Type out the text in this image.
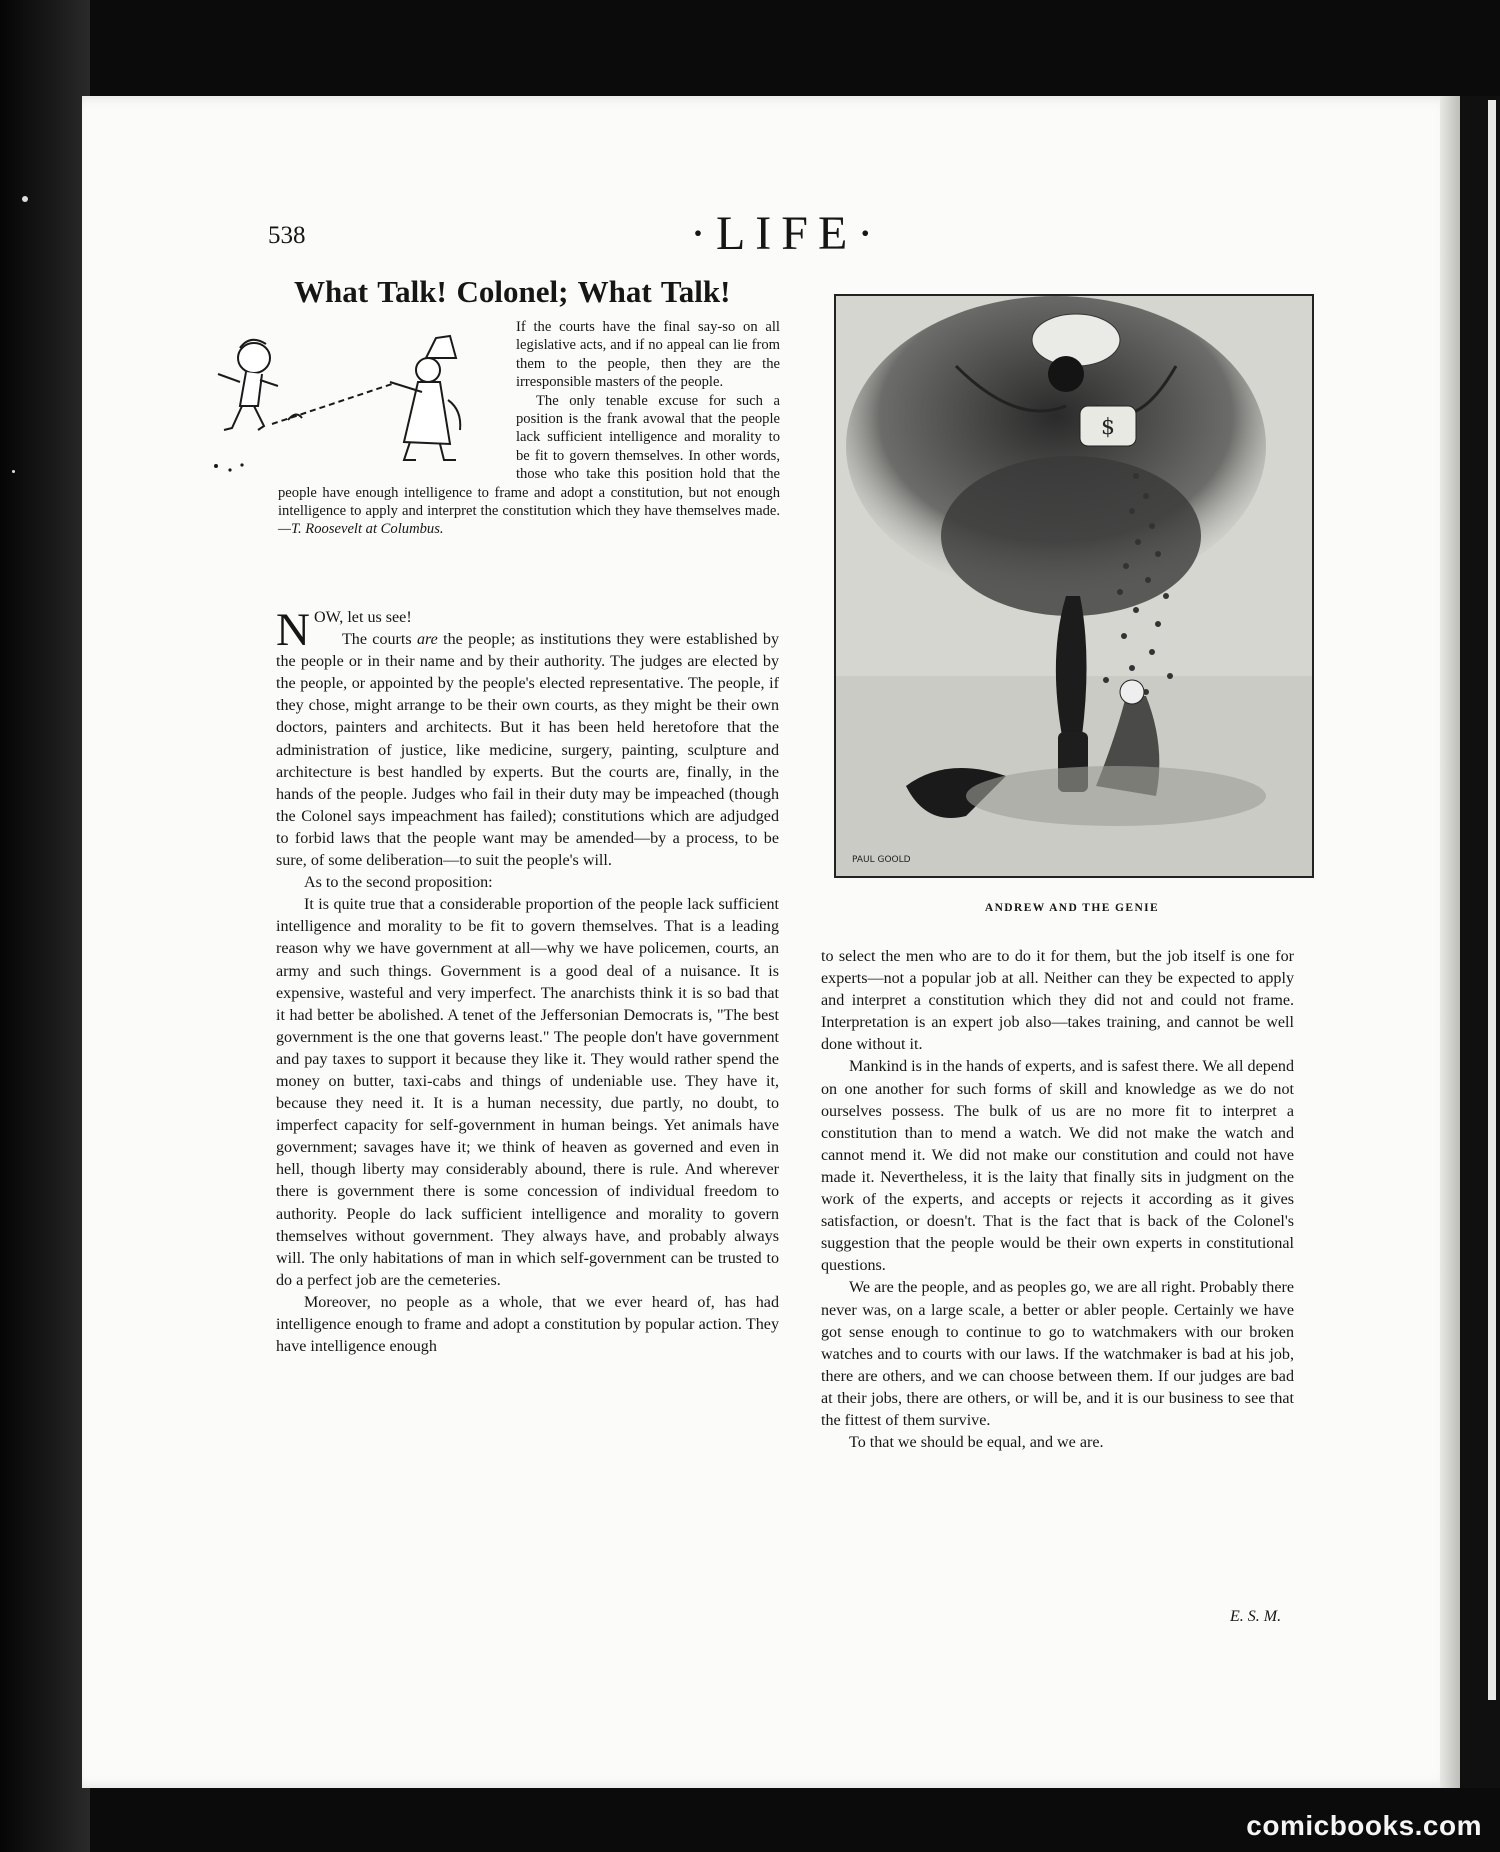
538	·LIFE·
What Talk! Colonel; What Talk!

If the courts have the final say-so on all legislative acts, and if no appeal can lie from them to the people, then they are the irresponsible masters of the people.

The only tenable excuse for such a position is the frank avowal that the people lack sufficient intelligence and morality to be fit to govern themselves. In other words, those who take this position hold that the people have enough intelligence to frame and adopt a constitution, but not enough intelligence to apply and interpret the constitution which they have themselves made.—T. Roosevelt at Columbus.

NOW, let us see!

The courts are the people; as institutions they were established by the people or in their name and by their authority. The judges are elected by the people, or appointed by the people's elected representative. The people, if they chose, might arrange to be their own courts, as they might be their own doctors, painters and architects. But it has been held heretofore that the administration of justice, like medicine, surgery, painting, sculpture and architecture is best handled by experts. But the courts are, finally, in the hands of the people. Judges who fail in their duty may be impeached (though the Colonel says impeachment has failed); constitutions which are adjudged to forbid laws that the people want may be amended—by a process, to be sure, of some deliberation—to suit the people's will.

As to the second proposition:

It is quite true that a considerable proportion of the people lack sufficient intelligence and morality to be fit to govern themselves. That is a leading reason why we have government at all—why we have policemen, courts, an army and such things. Government is a good deal of a nuisance. It is expensive, wasteful and very imperfect. The anarchists think it is so bad that it had better be abolished. A tenet of the Jeffersonian Democrats is, "The best government is the one that governs least." The people don't have government and pay taxes to support it because they like it. They would rather spend the money on butter, taxi-cabs and things of undeniable use. They have it, because they need it. It is a human necessity, due partly, no doubt, to imperfect capacity for self-government in human beings. Yet animals have government; savages have it; we think of heaven as governed and even in hell, though liberty may considerably abound, there is rule. And wherever there is government there is some concession of individual freedom to authority. People do lack sufficient intelligence and morality to govern themselves without government. They always have, and probably always will. The only habitations of man in which self-government can be trusted to do a perfect job are the cemeteries.

Moreover, no people as a whole, that we ever heard of, has had intelligence enough to frame and adopt a constitution by popular action. They have intelligence enough

$
PAUL GOOLD
ANDREW AND THE GENIE

to select the men who are to do it for them, but the job itself is one for experts—not a popular job at all. Neither can they be expected to apply and interpret a constitution which they did not and could not frame. Interpretation is an expert job also—takes training, and cannot be well done without it.

Mankind is in the hands of experts, and is safest there. We all depend on one another for such forms of skill and knowledge as we do not ourselves possess. The bulk of us are no more fit to interpret a constitution than to mend a watch. We did not make the watch and cannot mend it. We did not make our constitution and could not have made it. Nevertheless, it is the laity that finally sits in judgment on the work of the experts, and accepts or rejects it according as it gives satisfaction, or doesn't. That is the fact that is back of the Colonel's suggestion that the people would be their own experts in constitutional questions.

We are the people, and as peoples go, we are all right. Probably there never was, on a large scale, a better or abler people. Certainly we have got sense enough to continue to go to watchmakers with our broken watches and to courts with our laws. If the watchmaker is bad at his job, there are others, and we can choose between them. If our judges are bad at their jobs, there are others, or will be, and it is our business to see that the fittest of them survive.

To that we should be equal, and we are.

E. S. M.
comicbooks.com
